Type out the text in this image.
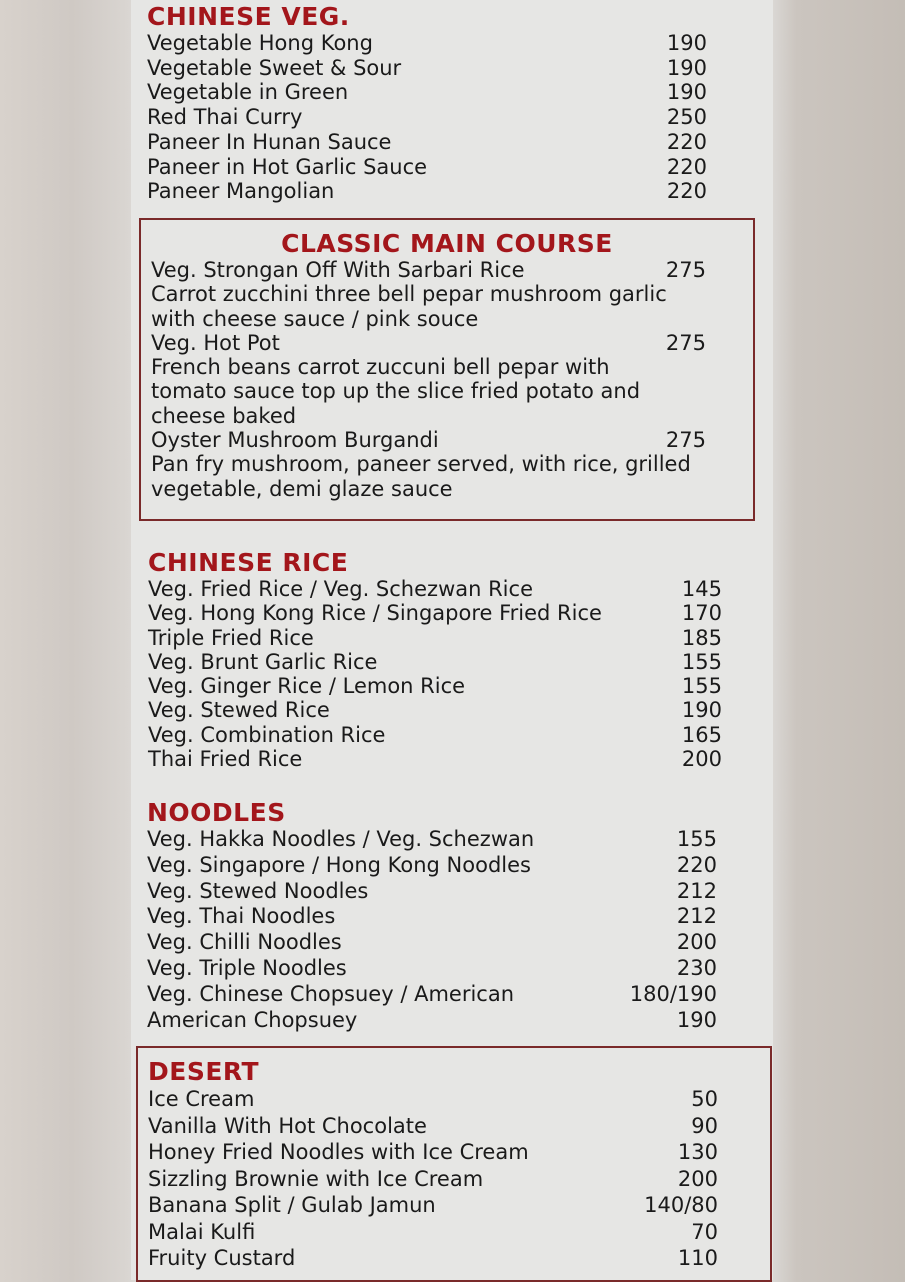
CHINESE VEG.
Vegetable Hong Kong	190
Vegetable Sweet & Sour	190
Vegetable in Green	190
Red Thai Curry	250
Paneer In Hunan Sauce	220
Paneer in Hot Garlic Sauce	220
Paneer Mangolian	220
CLASSIC MAIN COURSE
Veg. Strongan Off With Sarbari Rice	275
Carrot zucchini three bell pepar mushroom garlic
with cheese sauce / pink souce
Veg. Hot Pot	275
French beans carrot zuccuni bell pepar with
tomato sauce top up the slice fried potato and
cheese baked
Oyster Mushroom Burgandi	275
Pan fry mushroom, paneer served, with rice, grilled
vegetable, demi glaze sauce
CHINESE RICE
Veg. Fried Rice / Veg. Schezwan Rice	145
Veg. Hong Kong Rice / Singapore Fried Rice	170
Triple Fried Rice	185
Veg. Brunt Garlic Rice	155
Veg. Ginger Rice / Lemon Rice	155
Veg. Stewed Rice	190
Veg. Combination Rice	165
Thai Fried Rice	200
NOODLES
Veg. Hakka Noodles / Veg. Schezwan	155
Veg. Singapore / Hong Kong Noodles	220
Veg. Stewed Noodles	212
Veg. Thai Noodles	212
Veg. Chilli Noodles	200
Veg. Triple Noodles	230
Veg. Chinese Chopsuey / American	180/190
American Chopsuey	190
DESERT
Ice Cream	50
Vanilla With Hot Chocolate	90
Honey Fried Noodles with Ice Cream	130
Sizzling Brownie with Ice Cream	200
Banana Split / Gulab Jamun	140/80
Malai Kulfi	70
Fruity Custard	110
